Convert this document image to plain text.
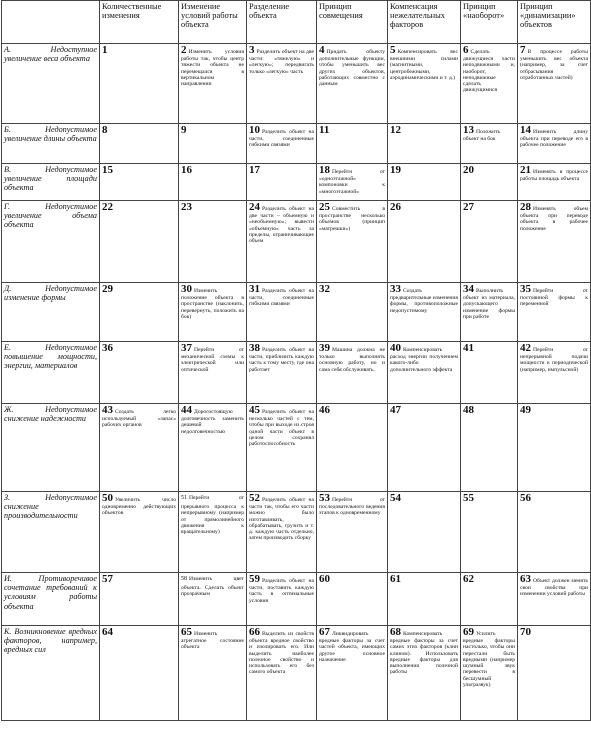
	Количественные изменения	Изменение условий работы объекта	Разделение объекта	Принцип совмещения	Компенсация нежелательных факторов	Принцип «наоборот»	Принцип «динамизации» объектов
А. Недоступное увеличение веса объекта	1	2 Изменить условия работы так, чтобы центр тяжести объекта не перемещался в вертикальном направлении	3 Разделить объект на две части: «тяжелую» и «легкую»; передвигать только «легкую» часть	4 Придать объекту дополнительные функции, чтобы уменьшить вес других объектов, работающих совместно с данным	5 Компенсировать вес внешними силами (магнитными, центробежными, аэродинамическими и т. д.)	6 Сделать движущиеся части неподвижными и, наоборот, неподвижные сделать движущимися	7 В процессе работы уменьшить вес объекта (например, за счет отбрасывания отработанных частей)
Б. Недопустимое увеличение длины объекта	8	9	10 Разделить объект на части, соединенные гибкими связями	11	12	13 Положить объект на бок	14 Изменить длину объекта при переводе его в рабочее положение
В. Недопустимое увеличение площади объекта	15	16	17	18 Перейти от «одноэтажной» компоновки к «многоэтажной»	19	20	21 Изменять в процессе работы площадь объекта
Г. Недопустимое увеличение объема объекта	22	23	24 Разделить объект на две части – объемную и «необъемную»; вывести «объемную» часть за пределы, ограничивающие объем	25 Совместить в пространстве несколько объемов (принцип «матрешки»)	26	27	28 Изменять объем объекта при переводе объекта в рабочее положение
Д. Недопустимое изменение формы	29	30 Изменить положение объекта в пространстве (наклонить, перевернуть, положить на бок)	31 Разделить объект на части, соединенные гибкими связями	32	33 Создать предварительные изменения формы, противоположные недопустимому	34 Выполнить объект из материала, допускающего изменение формы при работе	35 Перейти от постоянной формы к переменной
Е. Недопустимое повышение мощности, энергии, материалов	36	37 Перейти от механической схемы к электрической или оптической	38 Разделить объект на части, приблизить каждую часть к тому месту, где она работает	39 Машина должна не только выполнять основную работу, но и сама себя обслуживать.	40 Компенсировать расход энергии получением какого-либо дополнительного эффекта	41	42 Перейти от непрерывной подачи мощности к периодической (например, импульсной)
Ж. Недопустимое снижение надежности	43 Создать легко используемый «запас» рабочих органов	44 Дорогостоящую долговечность заменить дешевой недолговечностью	45 Разделить объект на несколько частей с тем, чтобы при выходе из строя одной части объект в целом сохранял работоспособность	46	47	48	49
З. Недопустимое снижение производительности	50 Увеличить число одновременно действующих объектов	51 Перейти от прерывного процесса к непрерывному (например от прямолинейного движения к вращательному)	52 Разделить объект на части так, чтобы его части можно было изготавливать, обрабатывать, грузить и т. д. каждую часть отдельно, затем производить сборку	53 Перейти от последовательного ведения этапов к одновременному	54	55	56
И. Противоречивое сочетание требований к условиям работы объекта	57	58 Изменить цвет объекта. Сделать объект прозрачным	59 Разделить объект на части, поставить каждую часть в оптимальные условия	60	61	62	63 Объект должен менять свои свойства при изменении условий работы
К. Возникновение вредных факторов, например, вредных сил	64	65 Изменить агрегатное состояние объекта	66 Выделить из свойств объекта вредное свойство и изолировать его. Или выделить наиболее полезное свойство и использовать его без самого объекта	67 Ликвидировать вредные факторы за счет частей объекта, имеющих другое основное назначение	68 Компенсировать вредные факторы за счет самих этих факторов (клин клином). Использовать вредные факторы для выполнения полезной работы	69 Усилить вредные факторы настолько, чтобы они перестали быть вредными (например шумный звук перевести в бесшумный ультразвук)	70
